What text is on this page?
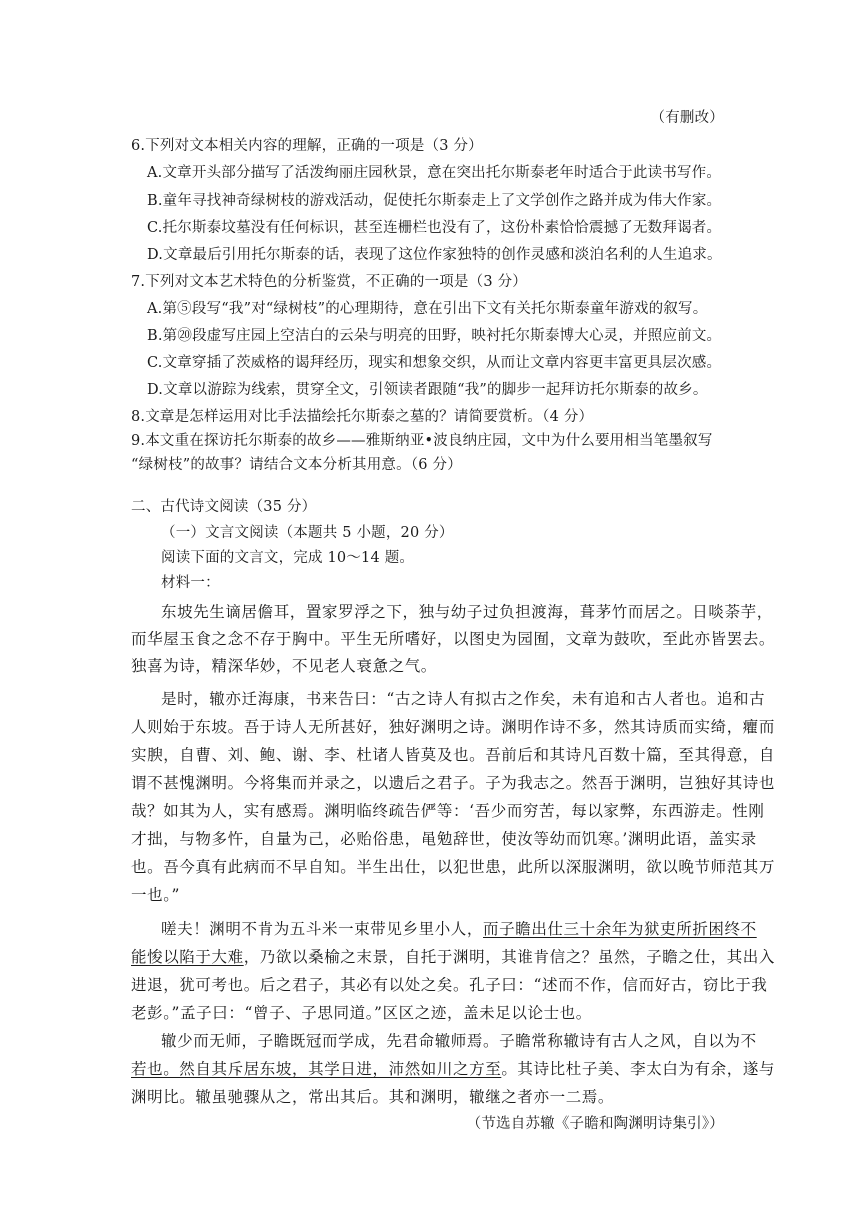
（有删改）
6.下列对文本相关内容的理解，正确的一项是（3 分）
A.文章开头部分描写了活泼绚丽庄园秋景，意在突出托尔斯泰老年时适合于此读书写作。
B.童年寻找神奇绿树枝的游戏活动，促使托尔斯泰走上了文学创作之路并成为伟大作家。
C.托尔斯泰坟墓没有任何标识，甚至连栅栏也没有了，这份朴素恰恰震撼了无数拜谒者。
D.文章最后引用托尔斯泰的话，表现了这位作家独特的创作灵感和淡泊名利的人生追求。
7.下列对文本艺术特色的分析鉴赏，不正确的一项是（3 分）
A.第⑤段写“我”对“绿树枝”的心理期待，意在引出下文有关托尔斯泰童年游戏的叙写。
B.第⑳段虚写庄园上空洁白的云朵与明亮的田野，映衬托尔斯泰博大心灵，并照应前文。
C.文章穿插了茨威格的谒拜经历，现实和想象交织，从而让文章内容更丰富更具层次感。
D.文章以游踪为线索，贯穿全文，引领读者跟随“我”的脚步一起拜访托尔斯泰的故乡。
8.文章是怎样运用对比手法描绘托尔斯泰之墓的？请简要赏析。（4 分）
9.本文重在探访托尔斯泰的故乡——雅斯纳亚•波良纳庄园，文中为什么要用相当笔墨叙写
“绿树枝”的故事？请结合文本分析其用意。（6 分）
二、古代诗文阅读（35 分）
（一）文言文阅读（本题共 5 小题，20 分）
阅读下面的文言文，完成 10～14 题。
材料一：
东坡先生谪居儋耳，置家罗浮之下，独与幼子过负担渡海，葺茅竹而居之。日啖荼芋，
而华屋玉食之念不存于胸中。平生无所嗜好，以图史为园囿，文章为鼓吹，至此亦皆罢去。
独喜为诗，精深华妙，不见老人衰惫之气。
是时，辙亦迁海康，书来告曰：“古之诗人有拟古之作矣，未有追和古人者也。追和古
人则始于东坡。吾于诗人无所甚好，独好渊明之诗。渊明作诗不多，然其诗质而实绮，癯而
实腴，自曹、刘、鲍、谢、李、杜诸人皆莫及也。吾前后和其诗凡百数十篇，至其得意，自
谓不甚愧渊明。今将集而并录之，以遗后之君子。子为我志之。然吾于渊明，岂独好其诗也
哉？如其为人，实有感焉。渊明临终疏告俨等：‘吾少而穷苦，每以家弊，东西游走。性刚
才拙，与物多忤，自量为己，必贻俗患，黾勉辞世，使汝等幼而饥寒。’渊明此语，盖实录
也。吾今真有此病而不早自知。半生出仕，以犯世患，此所以深服渊明，欲以晚节师范其万
一也。”
嗟夫！渊明不肯为五斗米一束带见乡里小人，而子瞻出仕三十余年为狱吏所折困终不
能悛以陷于大难，乃欲以桑榆之末景，自托于渊明，其谁肯信之？虽然，子瞻之仕，其出入
进退，犹可考也。后之君子，其必有以处之矣。孔子曰：“述而不作，信而好古，窃比于我
老彭。”孟子曰：“曾子、子思同道。”区区之迹，盖未足以论士也。
辙少而无师，子瞻既冠而学成，先君命辙师焉。子瞻常称辙诗有古人之风，自以为不
若也。然自其斥居东坡，其学日进，沛然如川之方至。其诗比杜子美、李太白为有余，遂与
渊明比。辙虽驰骤从之，常出其后。其和渊明，辙继之者亦一二焉。
（节选自苏辙《子瞻和陶渊明诗集引》）
